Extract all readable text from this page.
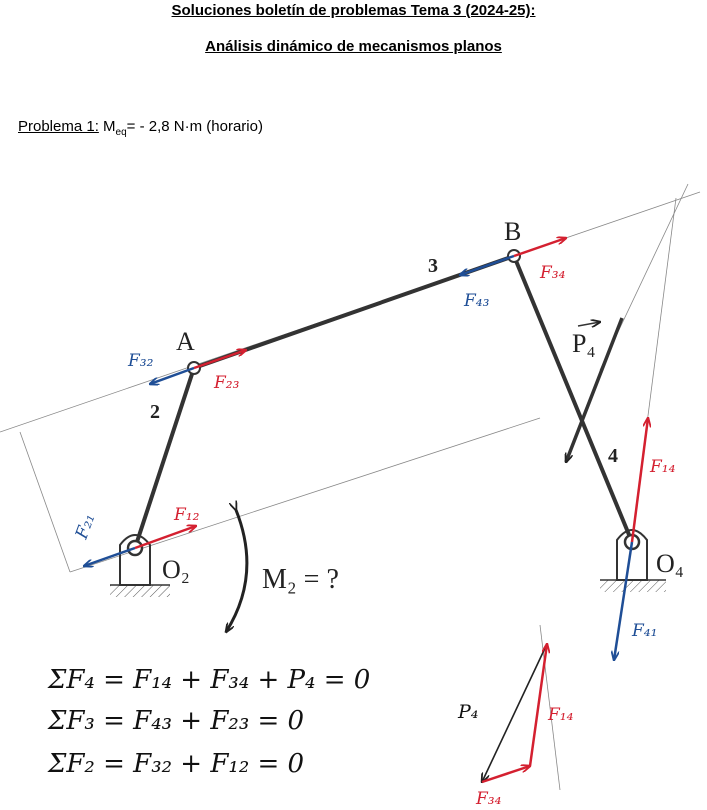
Soluciones boletín de problemas Tema 3 (2024-25):
Análisis dinámico de mecanismos planos
Problema 1: $M_{eq}= - 2,8$ N·m (horario)
A
B
2
3
4
O₂	O₄
P₄
M₂ = ?
F₃₂
F₂₃
F₄₃
F₃₄
F₂₁	F₁₂
F₁₄
F₄₁
ΣF₄ = F₁₄ + F₃₄ + P₄ = 0
ΣF₃ = F₄₃ + F₂₃ = 0
ΣF₂ = F₃₂ + F₁₂ = 0
P₄	F₁₄
F₃₄
